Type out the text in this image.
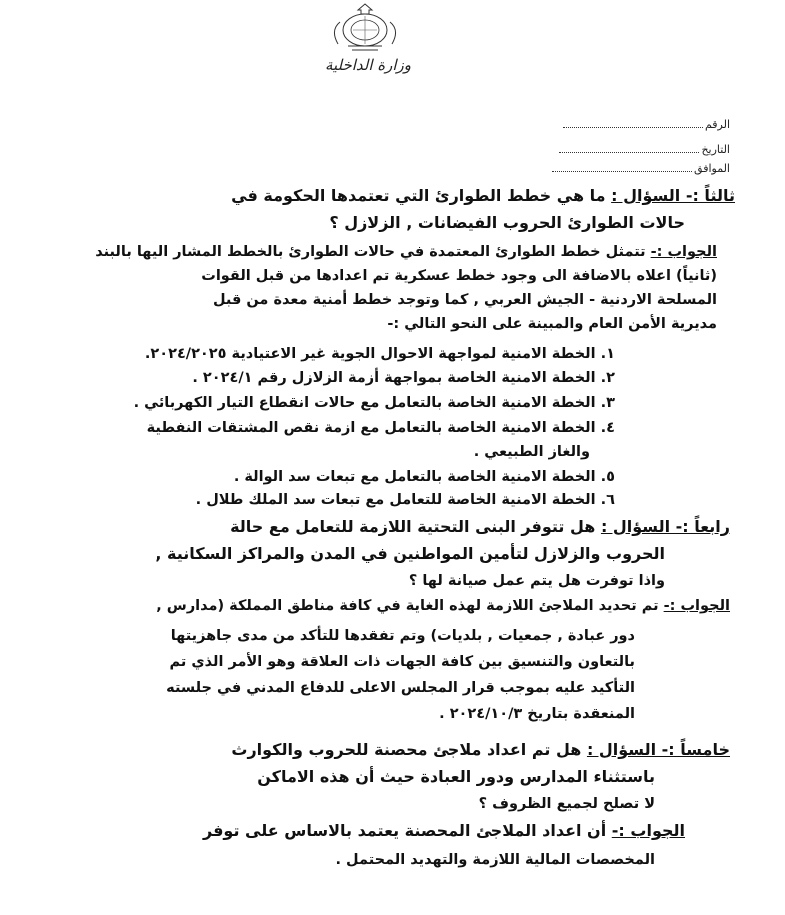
وزارة الداخلية
الرقم
التاريخ
الموافق
ثالثاً :- السؤال : ما هي خطط الطوارئ التي تعتمدها الحكومة في
حالات الطوارئ الحروب الفيضانات , الزلازل ؟
الجواب :- تتمثل خطط الطوارئ المعتمدة في حالات الطوارئ بالخطط المشار اليها بالبند
(ثانياً) اعلاه بالاضافة الى وجود خطط عسكرية تم اعدادها من قبل القوات
المسلحة الاردنية - الجيش العربي , كما وتوجد خطط أمنية معدة من قبل
مديرية الأمن العام والمبينة على النحو التالي :-
١. الخطة الامنية لمواجهة الاحوال الجوية غير الاعتيادية ٢٠٢٤/٢٠٢٥.
٢. الخطة الامنية الخاصة بمواجهة أزمة الزلازل رقم ٢٠٢٤/١ .
٣. الخطة الامنية الخاصة بالتعامل مع حالات انقطاع التيار الكهربائي .
٤. الخطة الامنية الخاصة بالتعامل مع ازمة نقص المشتقات النفطية
والغاز الطبيعي .
٥. الخطة الامنية الخاصة بالتعامل مع تبعات سد الوالة .
٦. الخطة الامنية الخاصة للتعامل مع تبعات سد الملك طلال .
رابعاً :- السؤال : هل تتوفر البنى التحتية اللازمة للتعامل مع حالة
الحروب والزلازل لتأمين المواطنين في المدن والمراكز السكانية ,
واذا توفرت هل يتم عمل صيانة لها ؟
الجواب :- تم تحديد الملاجئ اللازمة لهذه الغاية في كافة مناطق المملكة (مدارس ,
دور عبادة , جمعيات , بلديات) وتم تفقدها للتأكد من مدى جاهزيتها
بالتعاون والتنسيق بين كافة الجهات ذات العلاقة وهو الأمر الذي تم
التأكيد عليه بموجب قرار المجلس الاعلى للدفاع المدني في جلسته
المنعقدة بتاريخ ٢٠٢٤/١٠/٣ .
خامساً :- السؤال : هل تم اعداد ملاجئ محصنة للحروب والكوارث
باستثناء المدارس ودور العبادة حيث أن هذه الاماكن
لا تصلح لجميع الظروف ؟
الجواب :- أن اعداد الملاجئ المحصنة يعتمد بالاساس على توفر
المخصصات المالية اللازمة والتهديد المحتمل .
